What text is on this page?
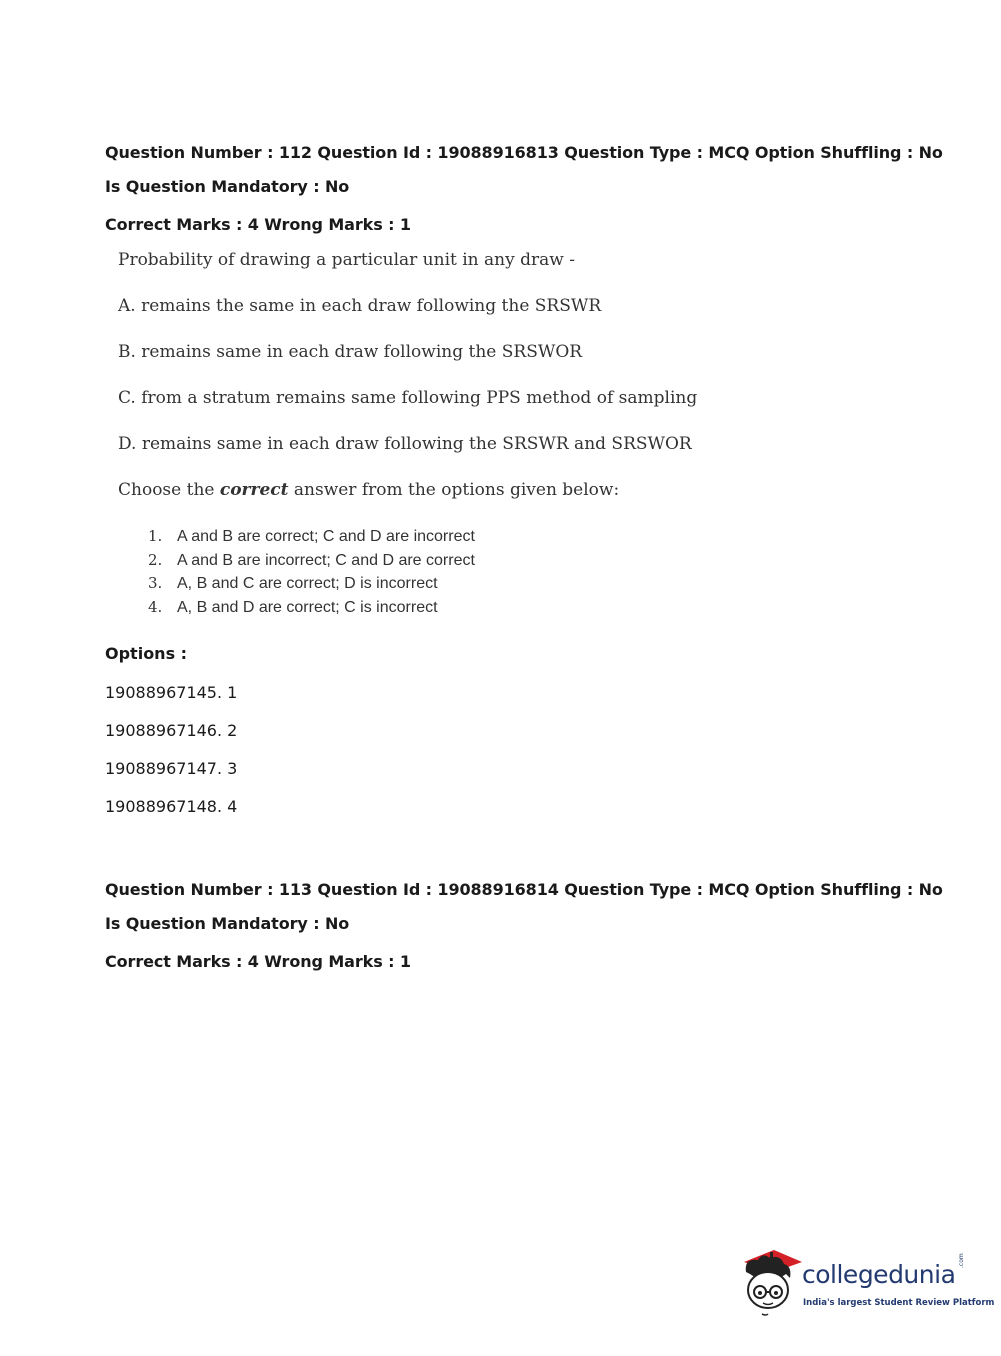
Question Number : 112 Question Id : 19088916813 Question Type : MCQ Option Shuffling : No
Is Question Mandatory : No
Correct Marks : 4 Wrong Marks : 1
Probability of drawing a particular unit in any draw -
A. remains the same in each draw following the SRSWR
B. remains same in each draw following the SRSWOR
C. from a stratum remains same following PPS method of sampling
D. remains same in each draw following the SRSWR and SRSWOR
Choose the correct answer from the options given below:
1. A and B are correct; C and D are incorrect
2. A and B are incorrect; C and D are correct
3. A, B and C are correct; D is incorrect
4. A, B and D are correct; C is incorrect
Options :
19088967145. 1
19088967146. 2
19088967147. 3
19088967148. 4
Question Number : 113 Question Id : 19088916814 Question Type : MCQ Option Shuffling : No
Is Question Mandatory : No
Correct Marks : 4 Wrong Marks : 1
collegedunia .com
India's largest Student Review Platform
